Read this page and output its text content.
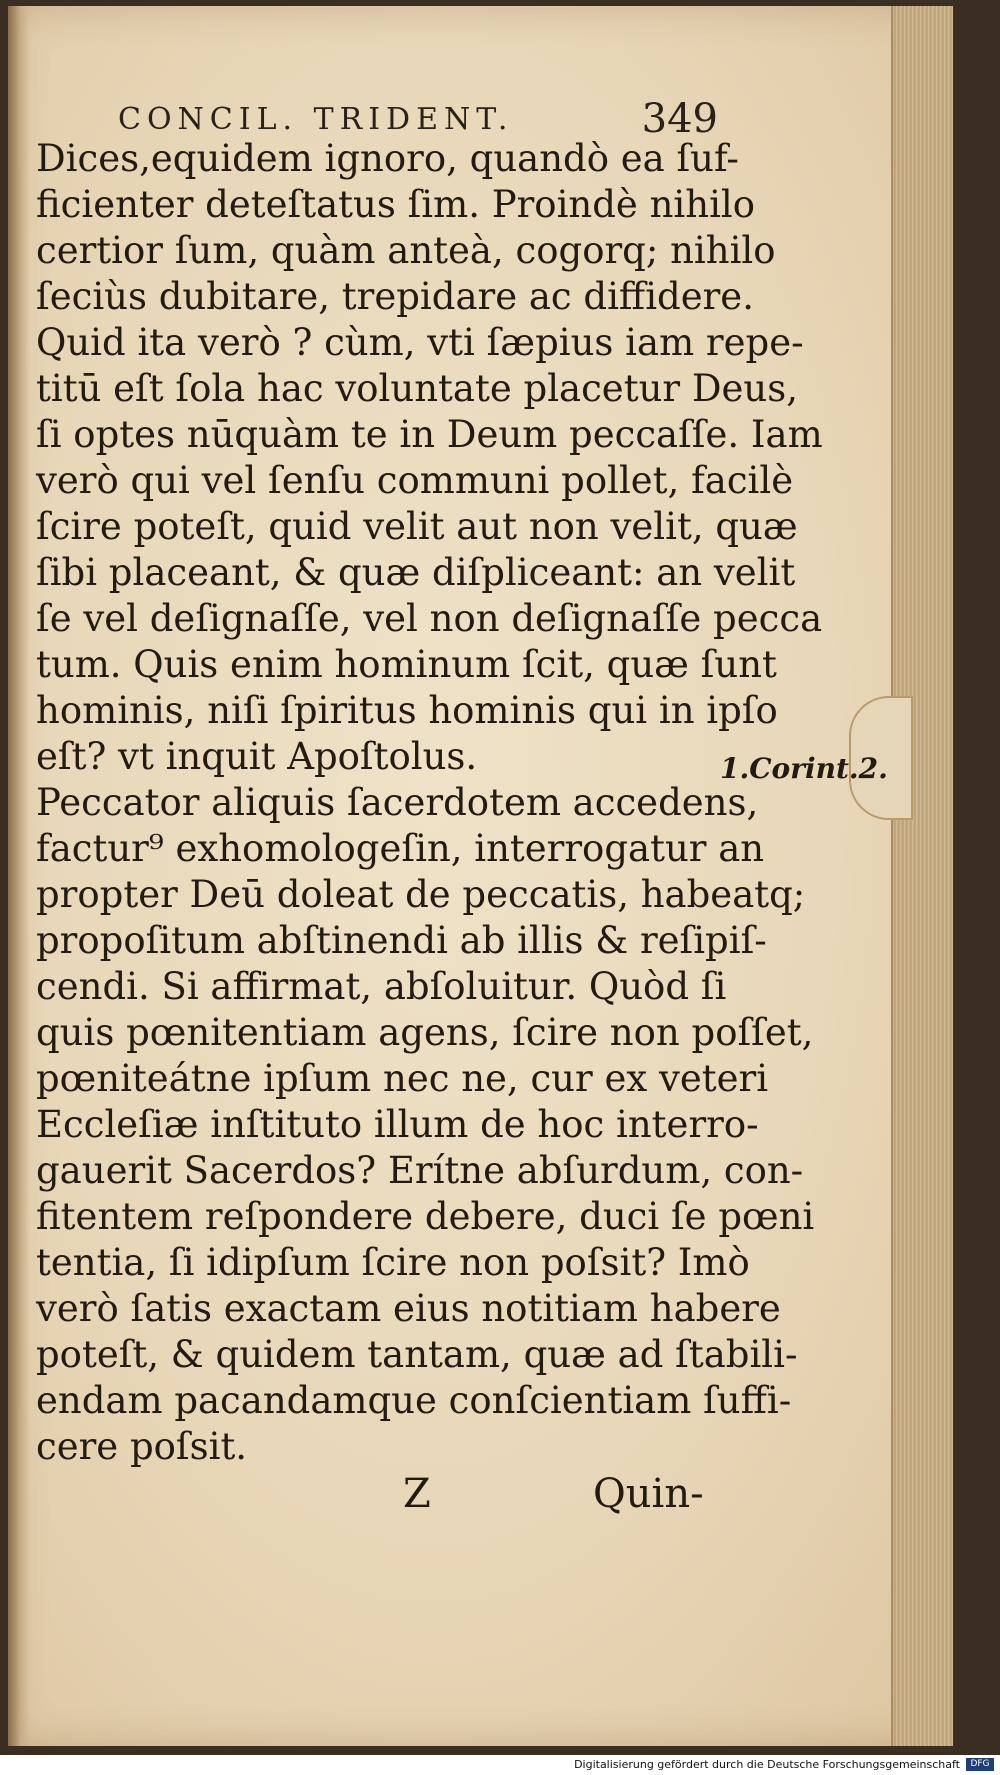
CONCIL. TRIDENT.	349
Dices,equidem ignoro, quandò ea ſuf-
ficienter deteſtatus ſim. Proindè nihilo
certior ſum, quàm anteà, cogorq; nihilo
ſeciùs dubitare, trepidare ac diffidere.
Quid ita verò ? cùm, vti ſæpius iam repe-
titū eſt ſola hac voluntate placetur Deus,
ſi optes nūquàm te in Deum peccaſſe. Iam
verò qui vel ſenſu communi pollet, facilè
ſcire poteſt, quid velit aut non velit, quæ
ſibi placeant, & quæ diſpliceant: an velit
ſe vel deſignaſſe, vel non deſignaſſe pecca
tum. Quis enim hominum ſcit, quæ ſunt
hominis, niſi ſpiritus hominis qui in ipſo
eſt? vt inquit Apoſtolus.
Peccator aliquis ſacerdotem accedens,
factur⁹ exhomologeſin, interrogatur an
propter Deū doleat de peccatis, habeatq;
propoſitum abſtinendi ab illis & reſipiſ-
cendi. Si affirmat, abſoluitur. Quòd ſi
quis pœnitentiam agens, ſcire non poſſet,
pœniteátne ipſum nec ne, cur ex veteri
Eccleſiæ inſtituto illum de hoc interro-
gauerit Sacerdos? Erítne abſurdum, con-
fitentem reſpondere debere, duci ſe pœni
tentia, ſi idipſum ſcire non poſsit? Imò
verò ſatis exactam eius notitiam habere
poteſt, & quidem tantam, quæ ad ſtabili-
endam pacandamque conſcientiam ſuffi-
cere poſsit.
1.Corint.2.
Z	Quin-
Digitalisierung gefördert durch die Deutsche Forschungsgemeinschaft	DFG
